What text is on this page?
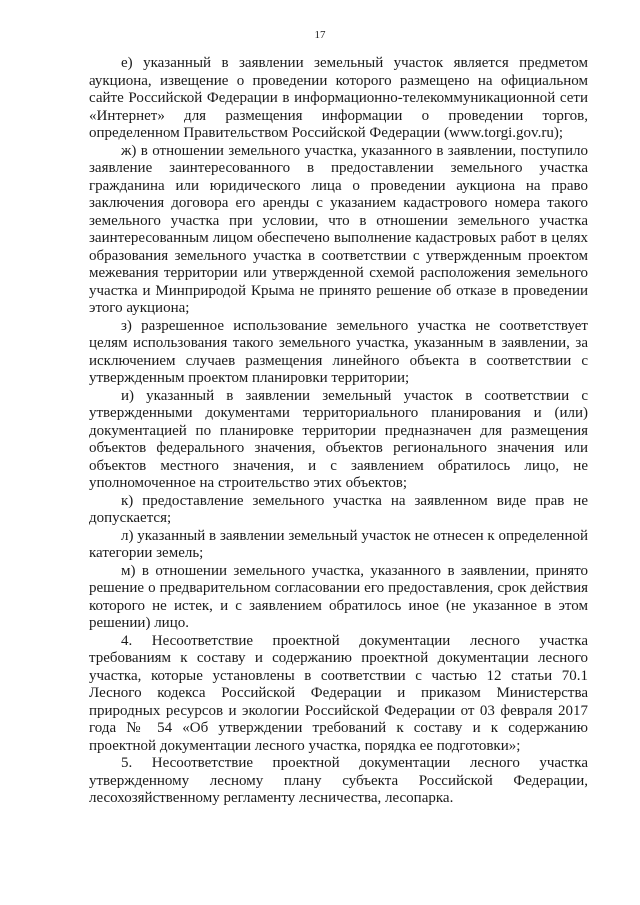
17

е) указанный в заявлении земельный участок является предметом аукциона, извещение о проведении которого размещено на официальном сайте Российской Федерации в информационно-телекоммуникационной сети «Интернет» для размещения информации о проведении торгов, определенном Правительством Российской Федерации (www.torgi.gov.ru);

ж) в отношении земельного участка, указанного в заявлении, поступило заявление заинтересованного в предоставлении земельного участка гражданина или юридического лица о проведении аукциона на право заключения договора его аренды с указанием кадастрового номера такого земельного участка при условии, что в отношении земельного участка заинтересованным лицом обеспечено выполнение кадастровых работ в целях образования земельного участка в соответствии с утвержденным проектом межевания территории или утвержденной схемой расположения земельного участка и Минприродой Крыма не принято решение об отказе в проведении этого аукциона;

з) разрешенное использование земельного участка не соответствует целям использования такого земельного участка, указанным в заявлении, за исключением случаев размещения линейного объекта в соответствии с утвержденным проектом планировки территории;

и) указанный в заявлении земельный участок в соответствии с утвержденными документами территориального планирования и (или) документацией по планировке территории предназначен для размещения объектов федерального значения, объектов регионального значения или объектов местного значения, и с заявлением обратилось лицо, не уполномоченное на строительство этих объектов;

к) предоставление земельного участка на заявленном виде прав не допускается;

л) указанный в заявлении земельный участок не отнесен к определенной категории земель;

м) в отношении земельного участка, указанного в заявлении, принято решение о предварительном согласовании его предоставления, срок действия которого не истек, и с заявлением обратилось иное (не указанное в этом решении) лицо.

4. Несоответствие проектной документации лесного участка требованиям к составу и содержанию проектной документации лесного участка, которые установлены в соответствии с частью 12 статьи 70.1 Лесного кодекса Российской Федерации и приказом Министерства природных ресурсов и экологии Российской Федерации от 03 февраля 2017 года № 54 «Об утверждении требований к составу и к содержанию проектной документации лесного участка, порядка ее подготовки»;

5. Несоответствие проектной документации лесного участка утвержденному лесному плану субъекта Российской Федерации, лесохозяйственному регламенту лесничества, лесопарка.
